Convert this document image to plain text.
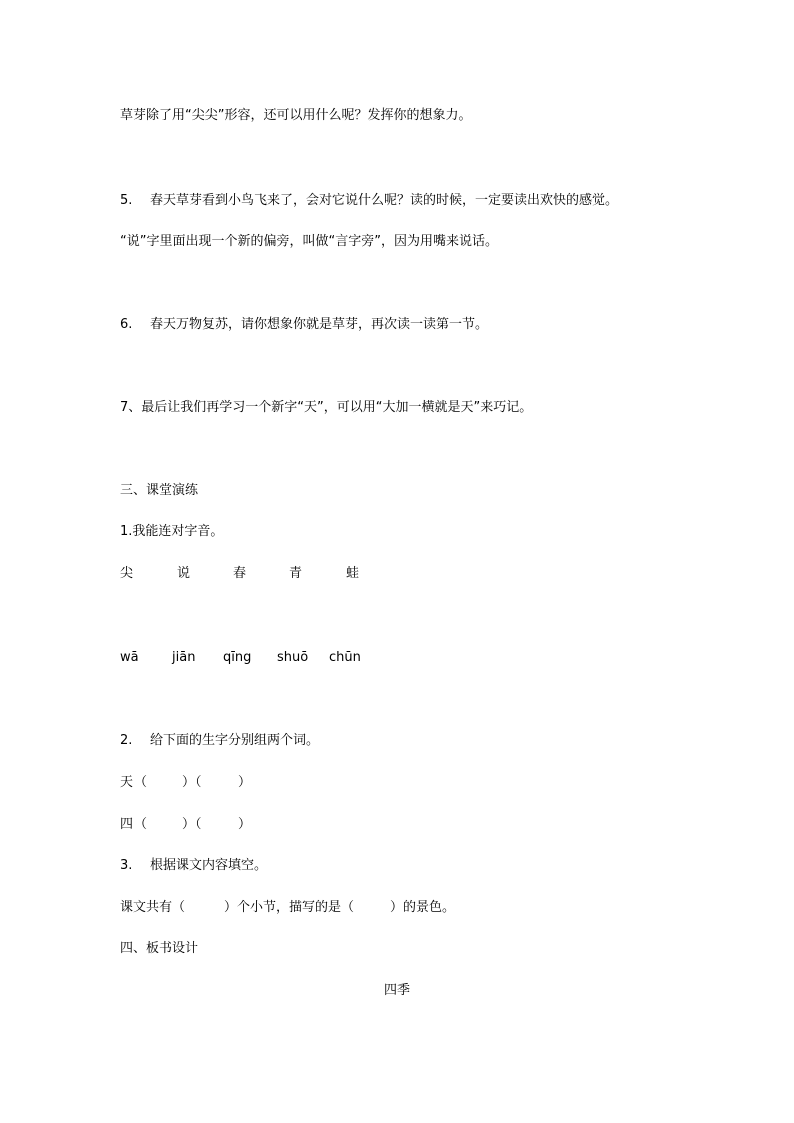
草芽除了用“尖尖”形容，还可以用什么呢？发挥你的想象力。
5. 春天草芽看到小鸟飞来了，会对它说什么呢？读的时候，一定要读出欢快的感觉。
“说”字里面出现一个新的偏旁，叫做“言字旁”，因为用嘴来说话。
6. 春天万物复苏，请你想象你就是草芽，再次读一读第一节。
7、最后让我们再学习一个新字“天”，可以用“大加一横就是天”来巧记。
三、课堂演练
1.我能连对字音。
尖	说	春	青	蛙
wā	jiān qīng shuō chūn
2. 给下面的生字分别组两个词。
天 （	）（	）
四 （	）（	）
3. 根据课文内容填空。
课文共有（	）个小节，描写的是（	）的景色。
四、板书设计
四季
